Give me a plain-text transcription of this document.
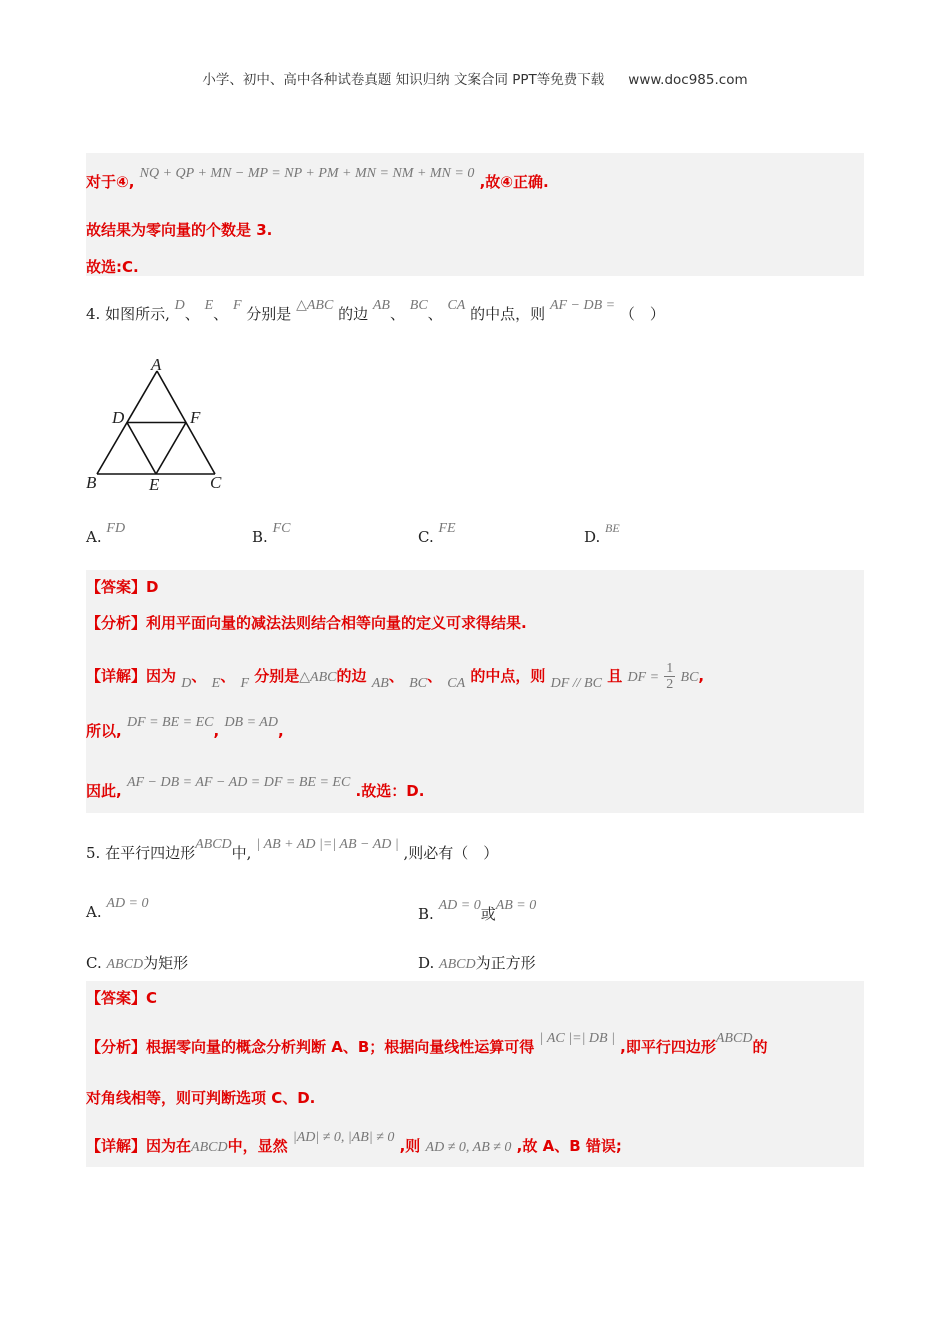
小学、初中、高中各种试卷真题 知识归纳 文案合同 PPT等免费下载 www.doc985.com
对于④, NQ + QP + MN − MP = NP + PM + MN = NM + MN = 0 ,故④正确.
故结果为零向量的个数是 3.
故选:C.
4. 如图所示, D、 E、 F 分别是 △ABC 的边 AB、 BC、 CA 的中点，则 AF − DB = （　）
A
D	F
B	E	C
A. FD	B. FC	C. FE	D. $^{BE}$
【答案】D
【分析】利用平面向量的减法法则结合相等向量的定义可求得结果.
【详解】因为 D、 E、 F 分别是△ABC的边 AB、 BC、 CA 的中点，则 DF // BC 且 DF = $\frac{1}{2}$ BC,
所以, DF = BE = EC, DB = AD,
因此, AF − DB = AF − AD = DF = BE = EC .故选：D.
5. 在平行四边形ABCD中, | AB + AD |=| AB − AD | ,则必有（　）
A. AD = 0
B. AD = 0或AB = 0
C. ABCD为矩形	D. ABCD为正方形
【答案】C
【分析】根据零向量的概念分析判断 A、B；根据向量线性运算可得 | AC |=| DB | ,即平行四边形ABCD的
对角线相等，则可判断选项 C、D.
【详解】因为在ABCD中，显然 |AD| ≠ 0, |AB| ≠ 0 ,则 AD ≠ 0, AB ≠ 0 ,故 A、B 错误;
